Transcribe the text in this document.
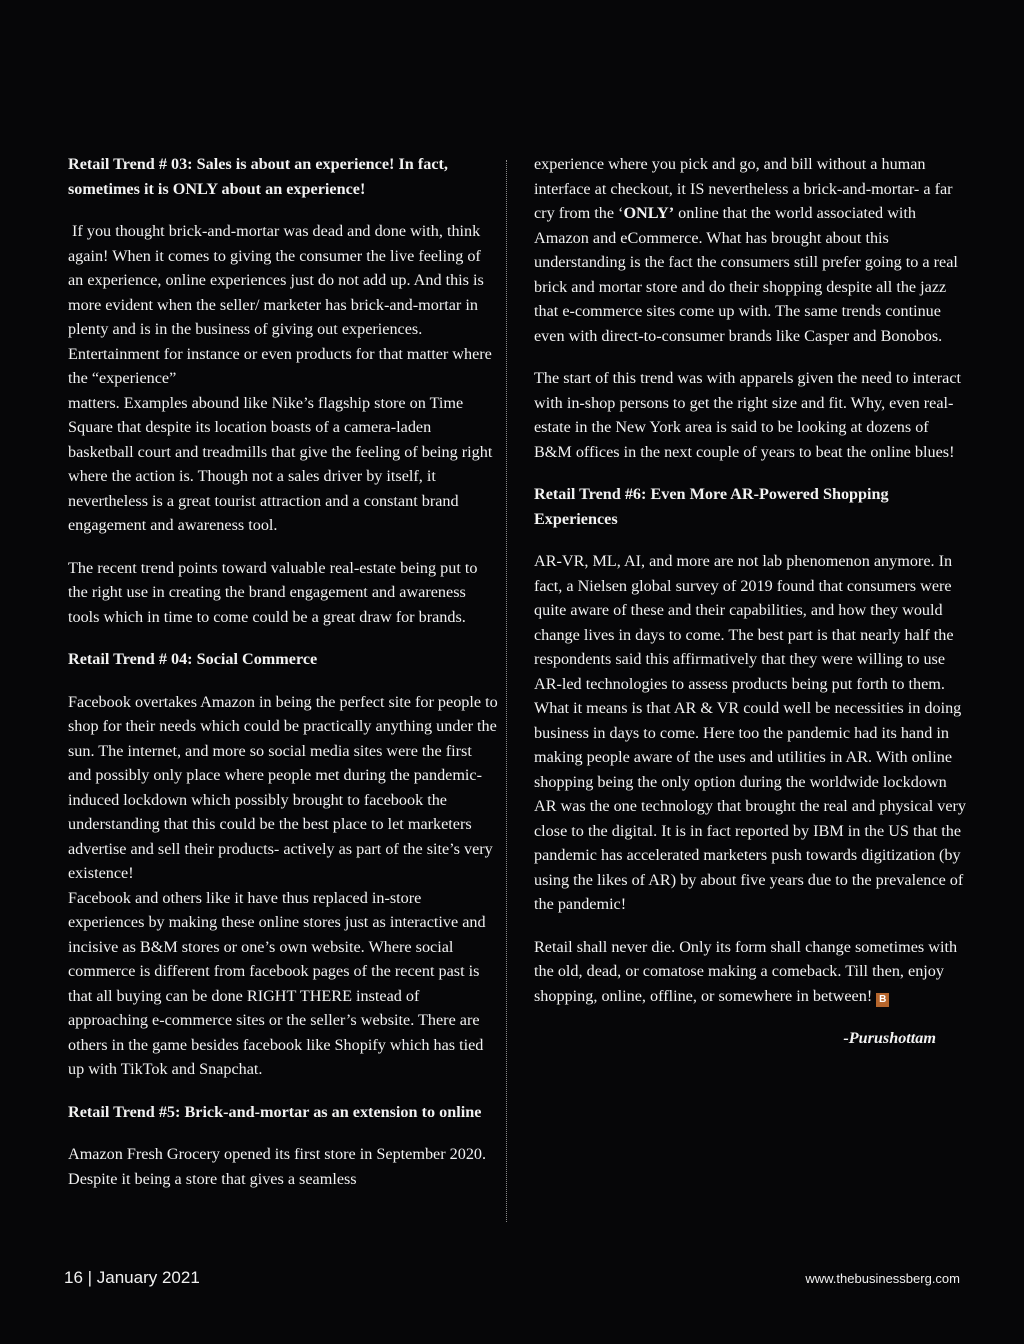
Retail Trend # 03: Sales is about an experience! In fact, sometimes it is ONLY about an experience!

If you thought brick-and-mortar was dead and done with, think again! When it comes to giving the consumer the live feeling of an experience, online experiences just do not add up. And this is more evident when the seller/ marketer has brick-and-mortar in plenty and is in the business of giving out experiences. Entertainment for instance or even products for that matter where the “experience”

matters. Examples abound like Nike’s flagship store on Time Square that despite its location boasts of a camera-laden basketball court and treadmills that give the feeling of being right where the action is. Though not a sales driver by itself, it nevertheless is a great tourist attraction and a constant brand engagement and awareness tool.

The recent trend points toward valuable real-estate being put to the right use in creating the brand engagement and awareness tools which in time to come could be a great draw for brands.

Retail Trend # 04: Social Commerce

Facebook overtakes Amazon in being the perfect site for people to shop for their needs which could be practically anything under the sun. The internet, and more so social media sites were the first and possibly only place where people met during the pandemic-induced lockdown which possibly brought to facebook the understanding that this could be the best place to let marketers advertise and sell their products- actively as part of the site’s very existence!

Facebook and others like it have thus replaced in-store experiences by making these online stores just as interactive and incisive as B&M stores or one’s own website. Where social commerce is different from facebook pages of the recent past is that all buying can be done RIGHT THERE instead of approaching e-commerce sites or the seller’s website. There are others in the game besides facebook like Shopify which has tied up with TikTok and Snapchat.

Retail Trend #5: Brick-and-mortar as an extension to online

Amazon Fresh Grocery opened its first store in September 2020. Despite it being a store that gives a seamless

experience where you pick and go, and bill without a human interface at checkout, it IS nevertheless a brick-and-mortar- a far cry from the ‘ONLY’ online that the world associated with Amazon and eCommerce. What has brought about this understanding is the fact the consumers still prefer going to a real brick and mortar store and do their shopping despite all the jazz that e-commerce sites come up with. The same trends continue even with direct-to-consumer brands like Casper and Bonobos.

The start of this trend was with apparels given the need to interact with in-shop persons to get the right size and fit. Why, even real-estate in the New York area is said to be looking at dozens of B&M offices in the next couple of years to beat the online blues!

Retail Trend #6: Even More AR-Powered Shopping Experiences

AR-VR, ML, AI, and more are not lab phenomenon anymore. In fact, a Nielsen global survey of 2019 found that consumers were quite aware of these and their capabilities, and how they would change lives in days to come. The best part is that nearly half the respondents said this affirmatively that they were willing to use AR-led technologies to assess products being put forth to them.

What it means is that AR & VR could well be necessities in doing business in days to come. Here too the pandemic had its hand in making people aware of the uses and utilities in AR. With online shopping being the only option during the worldwide lockdown AR was the one technology that brought the real and physical very close to the digital. It is in fact reported by IBM in the US that the pandemic has accelerated marketers push towards digitization (by using the likes of AR) by about five years due to the prevalence of the pandemic!

Retail shall never die. Only its form shall change sometimes with the old, dead, or comatose making a comeback. Till then, enjoy shopping, online, offline, or somewhere in between! B

-Purushottam
16 | January 2021	www.thebusinessberg.com
